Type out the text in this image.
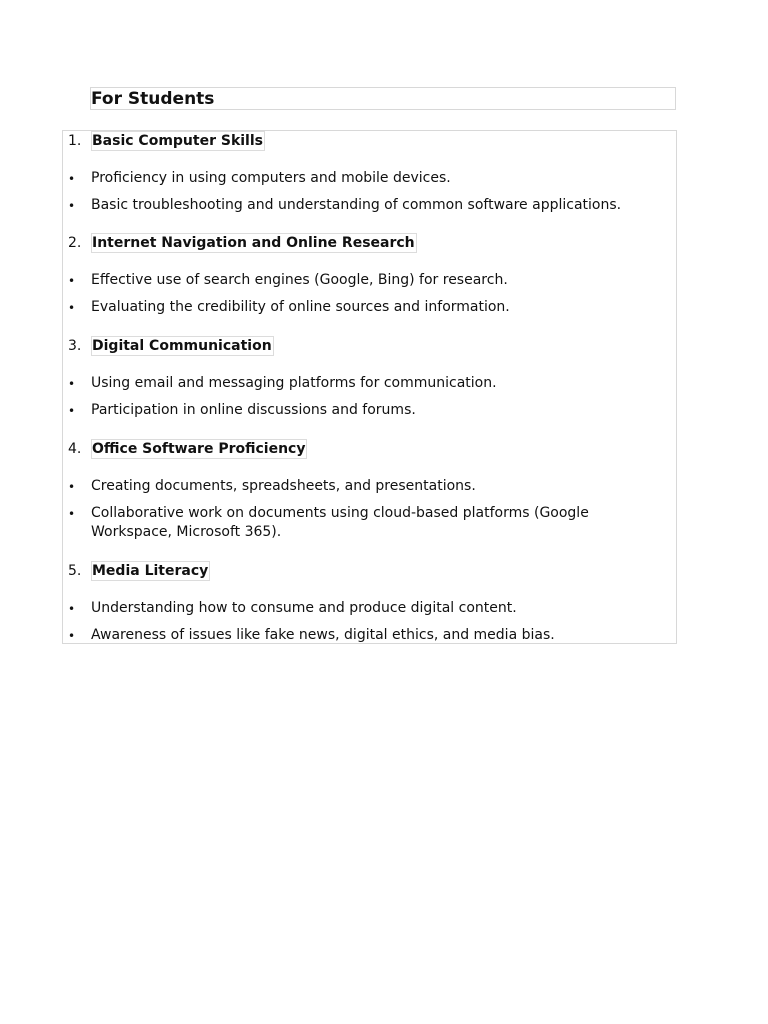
For Students
1. Basic Computer Skills
• Proficiency in using computers and mobile devices.
• Basic troubleshooting and understanding of common software applications.
2. Internet Navigation and Online Research
• Effective use of search engines (Google, Bing) for research.
• Evaluating the credibility of online sources and information.
3. Digital Communication
• Using email and messaging platforms for communication.
• Participation in online discussions and forums.
4. Office Software Proficiency
• Creating documents, spreadsheets, and presentations.
• Collaborative work on documents using cloud-based platforms (Google Workspace, Microsoft 365).
5. Media Literacy
• Understanding how to consume and produce digital content.
• Awareness of issues like fake news, digital ethics, and media bias.
